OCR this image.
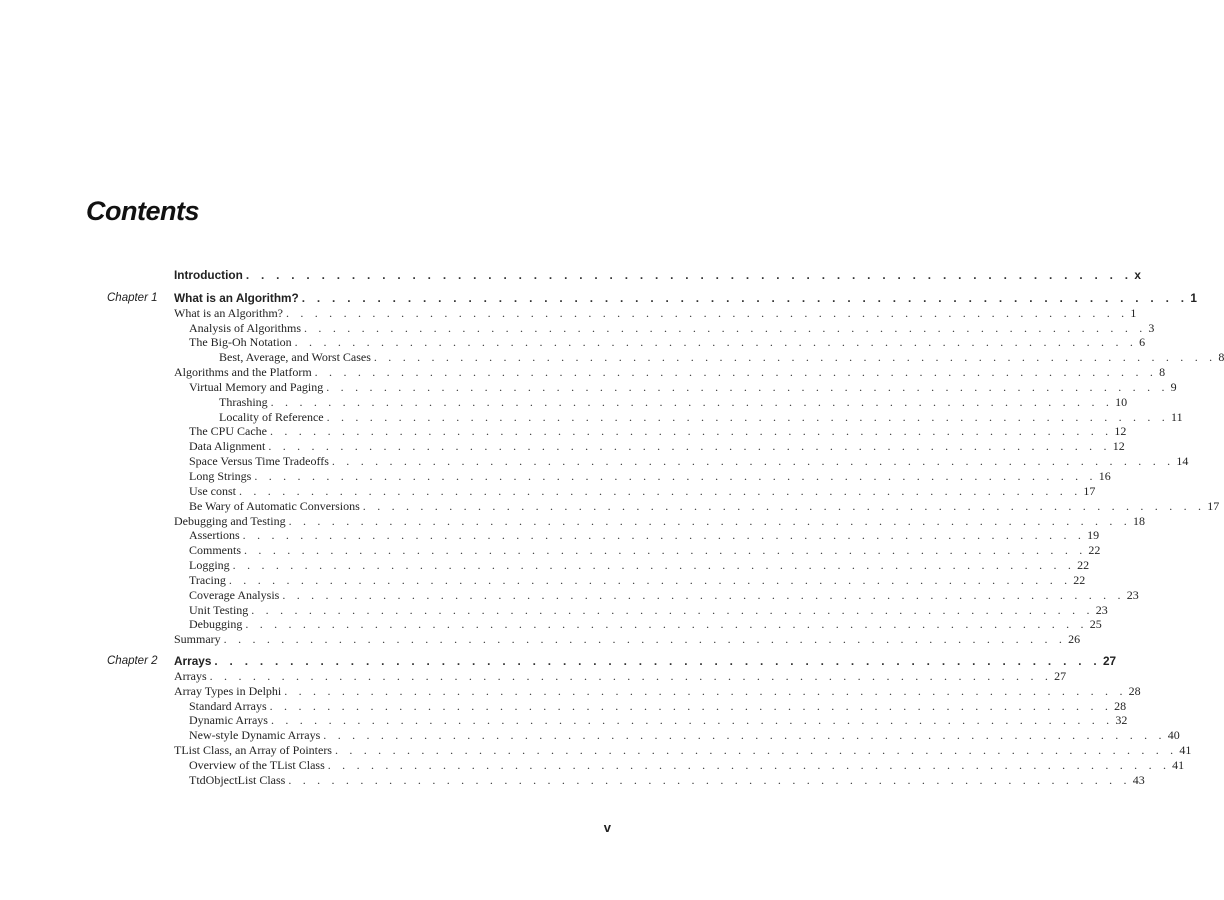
Contents
Introduction . . . . . . . . . . . . . . . . . . . . . . . . . . . . . . . . . . . . . . . . . . . . . . . . . . . . . . . . . . . x
Chapter 1 What is an Algorithm? . . . . . . . . . . . . . . . . . . . . . . . . . . . . . . . . . . . . . . . . . . . . . . . . . . . . . . . . . . . 1
What is an Algorithm? . . . . . . . . . . . . . . . . . . . . . . . . . . . . . . . . . . . . . . . . . . . . . . . . . . . . . . . . . . . 1
Analysis of Algorithms . . . . . . . . . . . . . . . . . . . . . . . . . . . . . . . . . . . . . . . . . . . . . . . . . . . . . . . . . . . 3
The Big-Oh Notation . . . . . . . . . . . . . . . . . . . . . . . . . . . . . . . . . . . . . . . . . . . . . . . . . . . . . . . . . . . 6
Best, Average, and Worst Cases . . . . . . . . . . . . . . . . . . . . . . . . . . . . . . . . . . . . . . . . . . . . . . . . . . . . . . . . . . . 8
Algorithms and the Platform . . . . . . . . . . . . . . . . . . . . . . . . . . . . . . . . . . . . . . . . . . . . . . . . . . . . . . . . . . . 8
Virtual Memory and Paging . . . . . . . . . . . . . . . . . . . . . . . . . . . . . . . . . . . . . . . . . . . . . . . . . . . . . . . . . . . 9
Thrashing . . . . . . . . . . . . . . . . . . . . . . . . . . . . . . . . . . . . . . . . . . . . . . . . . . . . . . . . . . . 10
Locality of Reference . . . . . . . . . . . . . . . . . . . . . . . . . . . . . . . . . . . . . . . . . . . . . . . . . . . . . . . . . . . 11
The CPU Cache . . . . . . . . . . . . . . . . . . . . . . . . . . . . . . . . . . . . . . . . . . . . . . . . . . . . . . . . . . . 12
Data Alignment . . . . . . . . . . . . . . . . . . . . . . . . . . . . . . . . . . . . . . . . . . . . . . . . . . . . . . . . . . . 12
Space Versus Time Tradeoffs . . . . . . . . . . . . . . . . . . . . . . . . . . . . . . . . . . . . . . . . . . . . . . . . . . . . . . . . . . . 14
Long Strings . . . . . . . . . . . . . . . . . . . . . . . . . . . . . . . . . . . . . . . . . . . . . . . . . . . . . . . . . . . 16
Use const . . . . . . . . . . . . . . . . . . . . . . . . . . . . . . . . . . . . . . . . . . . . . . . . . . . . . . . . . . . 17
Be Wary of Automatic Conversions . . . . . . . . . . . . . . . . . . . . . . . . . . . . . . . . . . . . . . . . . . . . . . . . . . . . . . . . . . . 17
Debugging and Testing . . . . . . . . . . . . . . . . . . . . . . . . . . . . . . . . . . . . . . . . . . . . . . . . . . . . . . . . . . . 18
Assertions . . . . . . . . . . . . . . . . . . . . . . . . . . . . . . . . . . . . . . . . . . . . . . . . . . . . . . . . . . . 19
Comments . . . . . . . . . . . . . . . . . . . . . . . . . . . . . . . . . . . . . . . . . . . . . . . . . . . . . . . . . . . 22
Logging . . . . . . . . . . . . . . . . . . . . . . . . . . . . . . . . . . . . . . . . . . . . . . . . . . . . . . . . . . . 22
Tracing . . . . . . . . . . . . . . . . . . . . . . . . . . . . . . . . . . . . . . . . . . . . . . . . . . . . . . . . . . . 22
Coverage Analysis . . . . . . . . . . . . . . . . . . . . . . . . . . . . . . . . . . . . . . . . . . . . . . . . . . . . . . . . . . . 23
Unit Testing . . . . . . . . . . . . . . . . . . . . . . . . . . . . . . . . . . . . . . . . . . . . . . . . . . . . . . . . . . . 23
Debugging . . . . . . . . . . . . . . . . . . . . . . . . . . . . . . . . . . . . . . . . . . . . . . . . . . . . . . . . . . . 25
Summary . . . . . . . . . . . . . . . . . . . . . . . . . . . . . . . . . . . . . . . . . . . . . . . . . . . . . . . . . . . 26
Chapter 2 Arrays . . . . . . . . . . . . . . . . . . . . . . . . . . . . . . . . . . . . . . . . . . . . . . . . . . . . . . . . . . . 27
Arrays . . . . . . . . . . . . . . . . . . . . . . . . . . . . . . . . . . . . . . . . . . . . . . . . . . . . . . . . . . . 27
Array Types in Delphi . . . . . . . . . . . . . . . . . . . . . . . . . . . . . . . . . . . . . . . . . . . . . . . . . . . . . . . . . . . 28
Standard Arrays . . . . . . . . . . . . . . . . . . . . . . . . . . . . . . . . . . . . . . . . . . . . . . . . . . . . . . . . . . . 28
Dynamic Arrays . . . . . . . . . . . . . . . . . . . . . . . . . . . . . . . . . . . . . . . . . . . . . . . . . . . . . . . . . . . 32
New-style Dynamic Arrays . . . . . . . . . . . . . . . . . . . . . . . . . . . . . . . . . . . . . . . . . . . . . . . . . . . . . . . . . . . 40
TList Class, an Array of Pointers . . . . . . . . . . . . . . . . . . . . . . . . . . . . . . . . . . . . . . . . . . . . . . . . . . . . . . . . . . . 41
Overview of the TList Class . . . . . . . . . . . . . . . . . . . . . . . . . . . . . . . . . . . . . . . . . . . . . . . . . . . . . . . . . . . 41
TtdObjectList Class . . . . . . . . . . . . . . . . . . . . . . . . . . . . . . . . . . . . . . . . . . . . . . . . . . . . . . . . . . . 43
v
